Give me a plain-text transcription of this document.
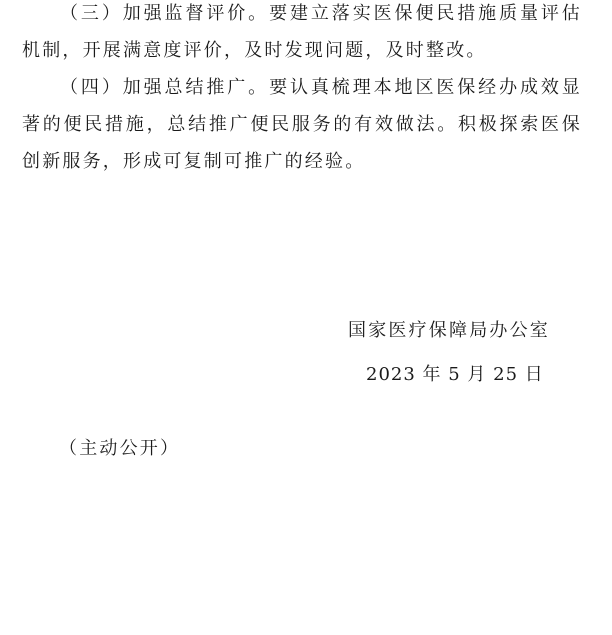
（三）加强监督评价。要建立落实医保便民措施质量评估机制，开展满意度评价，及时发现问题，及时整改。

（四）加强总结推广。要认真梳理本地区医保经办成效显著的便民措施，总结推广便民服务的有效做法。积极探索医保创新服务，形成可复制可推广的经验。

国家医疗保障局办公室
2023 年 5 月 25 日
（主动公开）
